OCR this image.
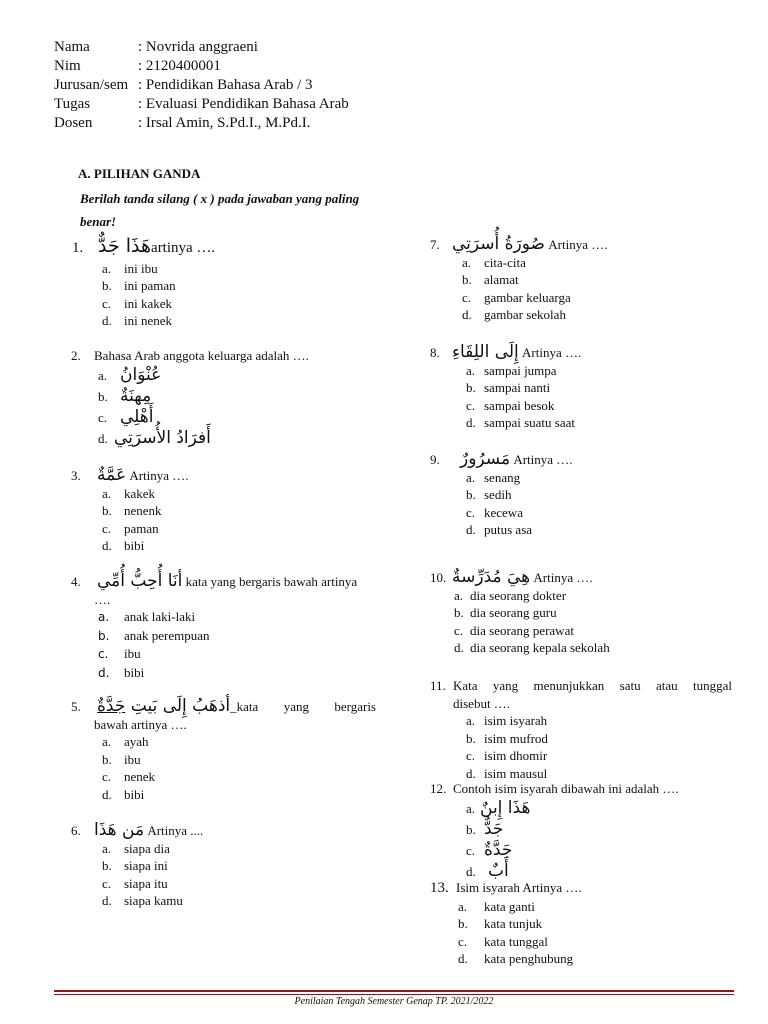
Nama	: Novrida anggraeni
Nim	: 2120400001
Jurusan/sem : Pendidikan Bahasa Arab / 3
Tugas	: Evaluasi Pendidikan Bahasa Arab
Dosen	: Irsal Amin, S.Pd.I., M.Pd.I.
A. PILIHAN GANDA
Berilah tanda silang ( x ) pada jawaban yang paling benar!
1. هَذَا جَدٌّ artinya ….
a. ini ibu
b. ini paman
c. ini kakek
d. ini nenek
2.	Bahasa Arab anggota keluarga adalah ….
a. عُنْوَانُ
b. مِهنَةٌ
c. أَهْلِي
d. أَفرَادُ الأُسرَتِي
3. عَمَّةٌ
Artinya ….
a. kakek
b. nenenk
c. paman
d. bibi
4. أنَا أُحِبُّ أُمِّي
kata yang bergaris bawah artinya
….
a.	anak laki-laki
b.	anak perempuan
c.	ibu
d.	bibi
5.	أذهَبُ إِلَى بَيتِ

جَدَّةٌ	_kata yang bergaris
bawah artinya ….
a. ayah
b. ibu
c. nenek
d. bibi
6. مَن هَذَا
Artinya ....
a. siapa dia
b. siapa ini
c. siapa itu
d. siapa kamu
7. صُورَةُ أُسرَتِي
Artinya ….
a. cita-cita
b. alamat
c. gambar keluarga
d. gambar sekolah
8. إِلَى اللِقَاءِ
Artinya ….
a. sampai jumpa
b. sampai nanti
c. sampai besok
d. sampai suatu saat
9.	مَسرُورٌ
Artinya ….
a. senang
b. sedih
c. kecewa
d. putus asa
10. هِيَ مُدَرِّسةٌ
Artinya ….
a. dia seorang dokter
b. dia seorang guru
c. dia seorang perawat
d. dia seorang kepala sekolah
11. Kata yang menunjukkan satu atau tunggal
disebut ….
a. isim isyarah
b. isim mufrod
c. isim dhomir
d. isim mausul
12. Contoh isim isyarah dibawah ini adalah ….
a. هَذَا إِبنٌ
b. جَدٌّ
c. جَدَّةٌ
d. أَبٌ
13. Isim isyarah Artinya ….
a.	kata ganti
b.	kata tunjuk
c.	kata tunggal
d.	kata penghubung
Penilaian Tengah Semester Genap TP. 2021/2022
